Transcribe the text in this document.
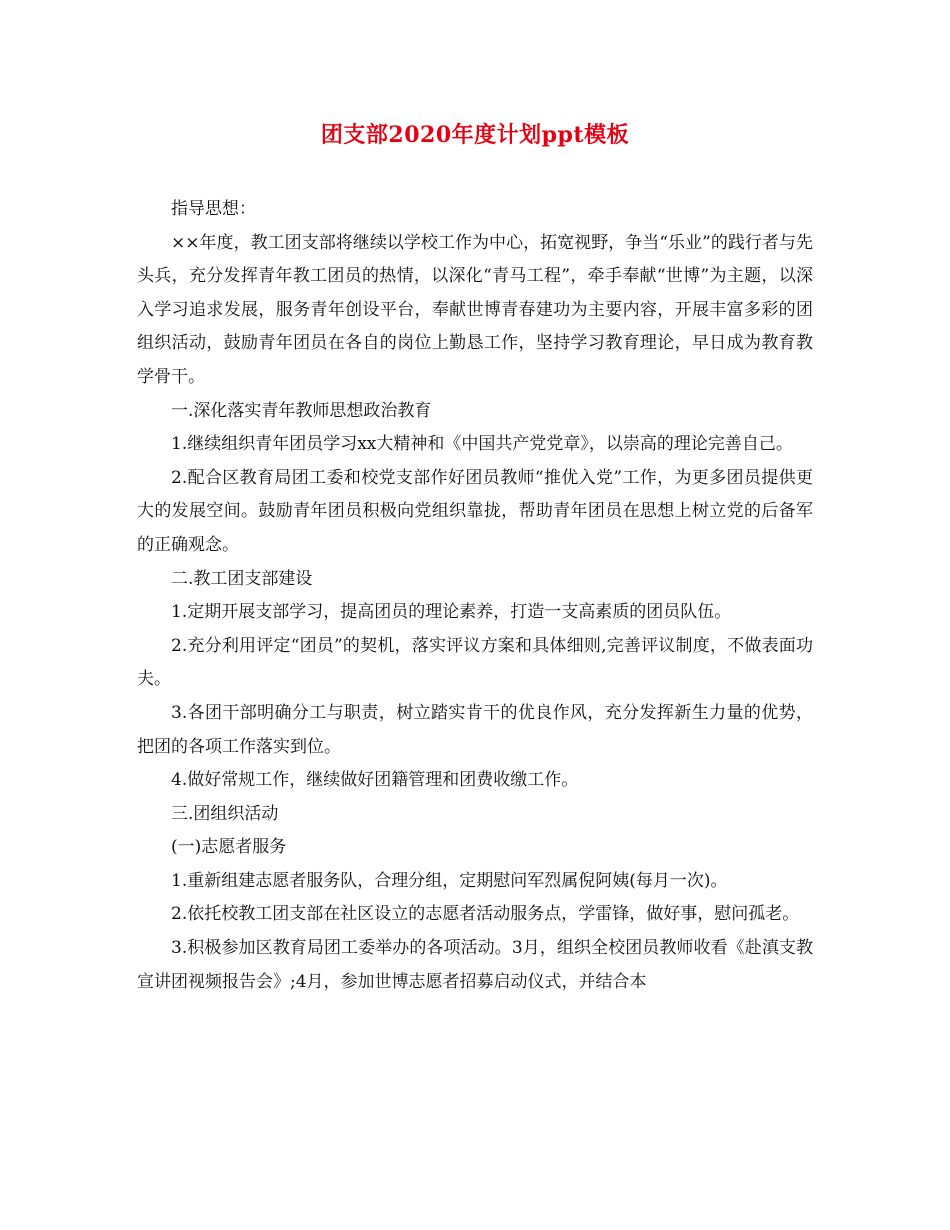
团支部2020年度计划ppt模板

指导思想：

××年度，教工团支部将继续以学校工作为中心，拓宽视野，争当“乐业”的践行者与先头兵，充分发挥青年教工团员的热情，以深化“青马工程”，牵手奉献“世博”为主题，以深入学习追求发展，服务青年创设平台，奉献世博青春建功为主要内容，开展丰富多彩的团组织活动，鼓励青年团员在各自的岗位上勤恳工作，坚持学习教育理论，早日成为教育教学骨干。

一.深化落实青年教师思想政治教育

1.继续组织青年团员学习xx大精神和《中国共产党党章》，以崇高的理论完善自己。

2.配合区教育局团工委和校党支部作好团员教师“推优入党”工作，为更多团员提供更大的发展空间。鼓励青年团员积极向党组织靠拢，帮助青年团员在思想上树立党的后备军的正确观念。

二.教工团支部建设

1.定期开展支部学习，提高团员的理论素养，打造一支高素质的团员队伍。

2.充分利用评定“团员”的契机，落实评议方案和具体细则,完善评议制度，不做表面功夫。

3.各团干部明确分工与职责，树立踏实肯干的优良作风，充分发挥新生力量的优势，把团的各项工作落实到位。

4.做好常规工作，继续做好团籍管理和团费收缴工作。

三.团组织活动

(一)志愿者服务

1.重新组建志愿者服务队，合理分组，定期慰问军烈属倪阿姨(每月一次)。

2.依托校教工团支部在社区设立的志愿者活动服务点，学雷锋，做好事，慰问孤老。

3.积极参加区教育局团工委举办的各项活动。3月，组织全校团员教师收看《赴滇支教宣讲团视频报告会》;4月，参加世博志愿者招募启动仪式，并结合本
